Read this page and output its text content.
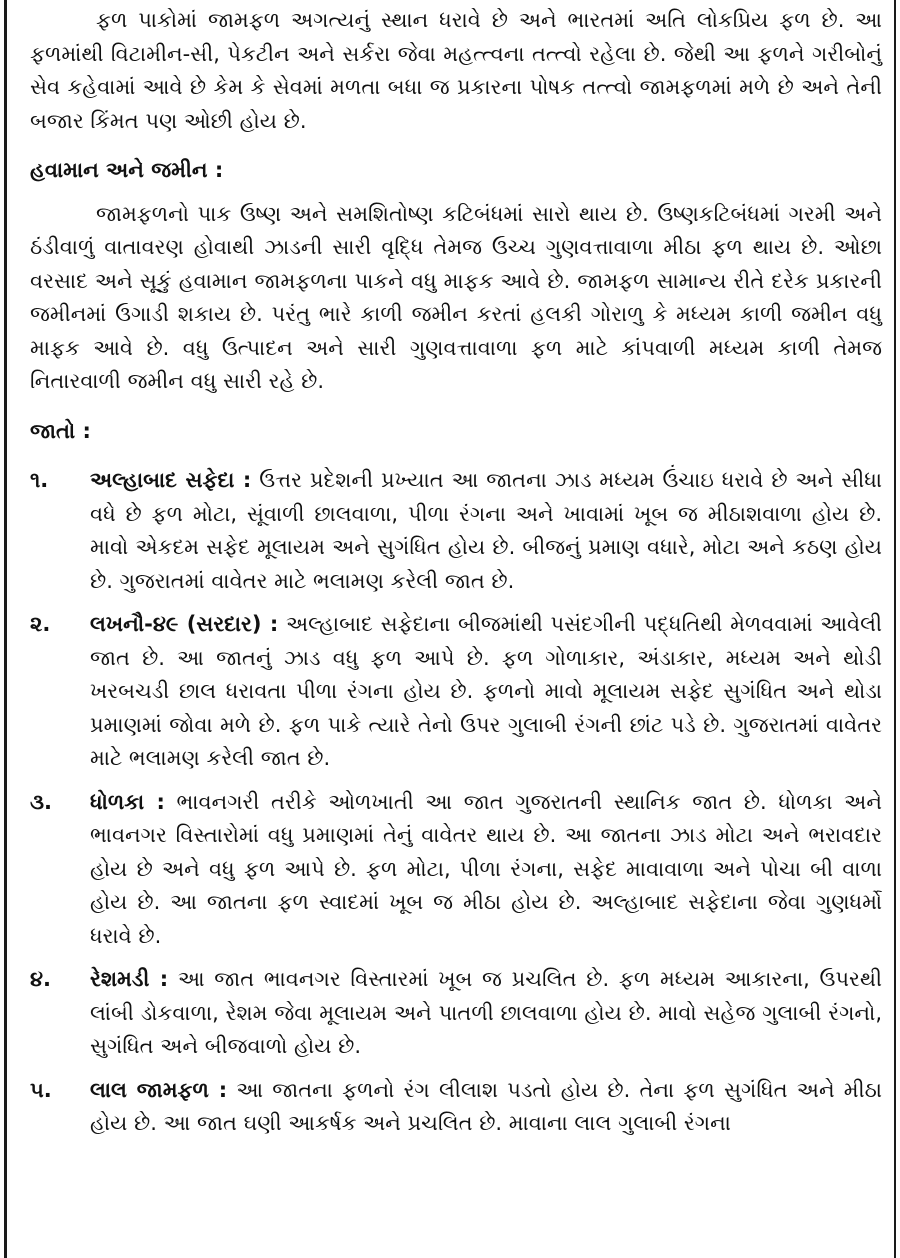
ફળ પાકોમાં જામફળ અગત્યનું સ્થાન ધરાવે છે અને ભારતમાં અતિ લોકપ્રિય ફળ છે. આ ફળમાંથી વિટામીન-સી, પેકટીન અને સર્કરા જેવા મહત્ત્વના તત્ત્વો રહેલા છે. જેથી આ ફળને ગરીબોનું સેવ કહેવામાં આવે છે કેમ કે સેવમાં મળતા બધા જ પ્રકારના પોષક તત્ત્વો જામફળમાં મળે છે અને તેની બજાર કિંમત પણ ઓછી હોય છે.

હવામાન અને જમીન :

જામફળનો પાક ઉષ્ણ અને સમશિતોષ્ણ કટિબંધમાં સારો થાય છે. ઉષ્ણકટિબંધમાં ગરમી અને ઠંડીવાળું વાતાવરણ હોવાથી ઝાડની સારી વૃદ્ધિ તેમજ ઉચ્ચ ગુણવત્તાવાળા મીઠા ફળ થાય છે. ઓછા વરસાદ અને સૂકું હવામાન જામફળના પાકને વધુ માફક આવે છે. જામફળ સામાન્ય રીતે દરેક પ્રકારની જમીનમાં ઉગાડી શકાય છે. પરંતુ ભારે કાળી જમીન કરતાં હલકી ગોરાળુ કે મધ્યમ કાળી જમીન વધુ માફક આવે છે. વધુ ઉત્પાદન અને સારી ગુણવત્તાવાળા ફળ માટે કાંપવાળી મધ્યમ કાળી તેમજ નિતારવાળી જમીન વધુ સારી રહે છે.

જાતો :

૧.	અલ્હાબાદ સફેદા : ઉત્તર પ્રદેશની પ્રખ્યાત આ જાતના ઝાડ મધ્યમ ઉંચાઇ ધરાવે છે અને સીધા વધે છે ફળ મોટા, સૂંવાળી છાલવાળા, પીળા રંગના અને ખાવામાં ખૂબ જ મીઠાશવાળા હોય છે. માવો એકદમ સફેદ મૂલાયમ અને સુગંધિત હોય છે. બીજનું પ્રમાણ વધારે, મોટા અને કઠણ હોય છે. ગુજરાતમાં વાવેતર માટે ભલામણ કરેલી જાત છે.
૨.	લખનૌ-૪૯ (સરદાર) : અલ્હાબાદ સફેદાના બીજમાંથી પસંદગીની પદ્ધતિથી મેળવવામાં આવેલી જાત છે. આ જાતનું ઝાડ વધુ ફળ આપે છે. ફળ ગોળાકાર, અંડાકાર, મધ્યમ અને થોડી ખરબચડી છાલ ધરાવતા પીળા રંગના હોય છે. ફળનો માવો મૂલાયમ સફેદ સુગંધિત અને થોડા પ્રમાણમાં જોવા મળે છે. ફળ પાકે ત્યારે તેનો ઉપર ગુલાબી રંગની છાંટ પડે છે. ગુજરાતમાં વાવેતર માટે ભલામણ કરેલી જાત છે.
૩.	ધોળકા : ભાવનગરી તરીકે ઓળખાતી આ જાત ગુજરાતની સ્થાનિક જાત છે. ધોળકા અને ભાવનગર વિસ્તારોમાં વધુ પ્રમાણમાં તેનું વાવેતર થાય છે. આ જાતના ઝાડ મોટા અને ભરાવદાર હોય છે અને વધુ ફળ આપે છે. ફળ મોટા, પીળા રંગના, સફેદ માવાવાળા અને પોચા બી વાળા હોય છે. આ જાતના ફળ સ્વાદમાં ખૂબ જ મીઠા હોય છે. અલ્હાબાદ સફેદાના જેવા ગુણધર્મો ધરાવે છે.
૪.	રેશમડી : આ જાત ભાવનગર વિસ્તારમાં ખૂબ જ પ્રચલિત છે. ફળ મધ્યમ આકારના, ઉપરથી લાંબી ડોકવાળા, રેશમ જેવા મૂલાયમ અને પાતળી છાલવાળા હોય છે. માવો સહેજ ગુલાબી રંગનો, સુગંધિત અને બીજવાળો હોય છે.
૫.	લાલ જામફળ : આ જાતના ફળનો રંગ લીલાશ પડતો હોય છે. તેના ફળ સુગંધિત અને મીઠા હોય છે. આ જાત ઘણી આકર્ષક અને પ્રચલિત છે. માવાના લાલ ગુલાબી રંગના
